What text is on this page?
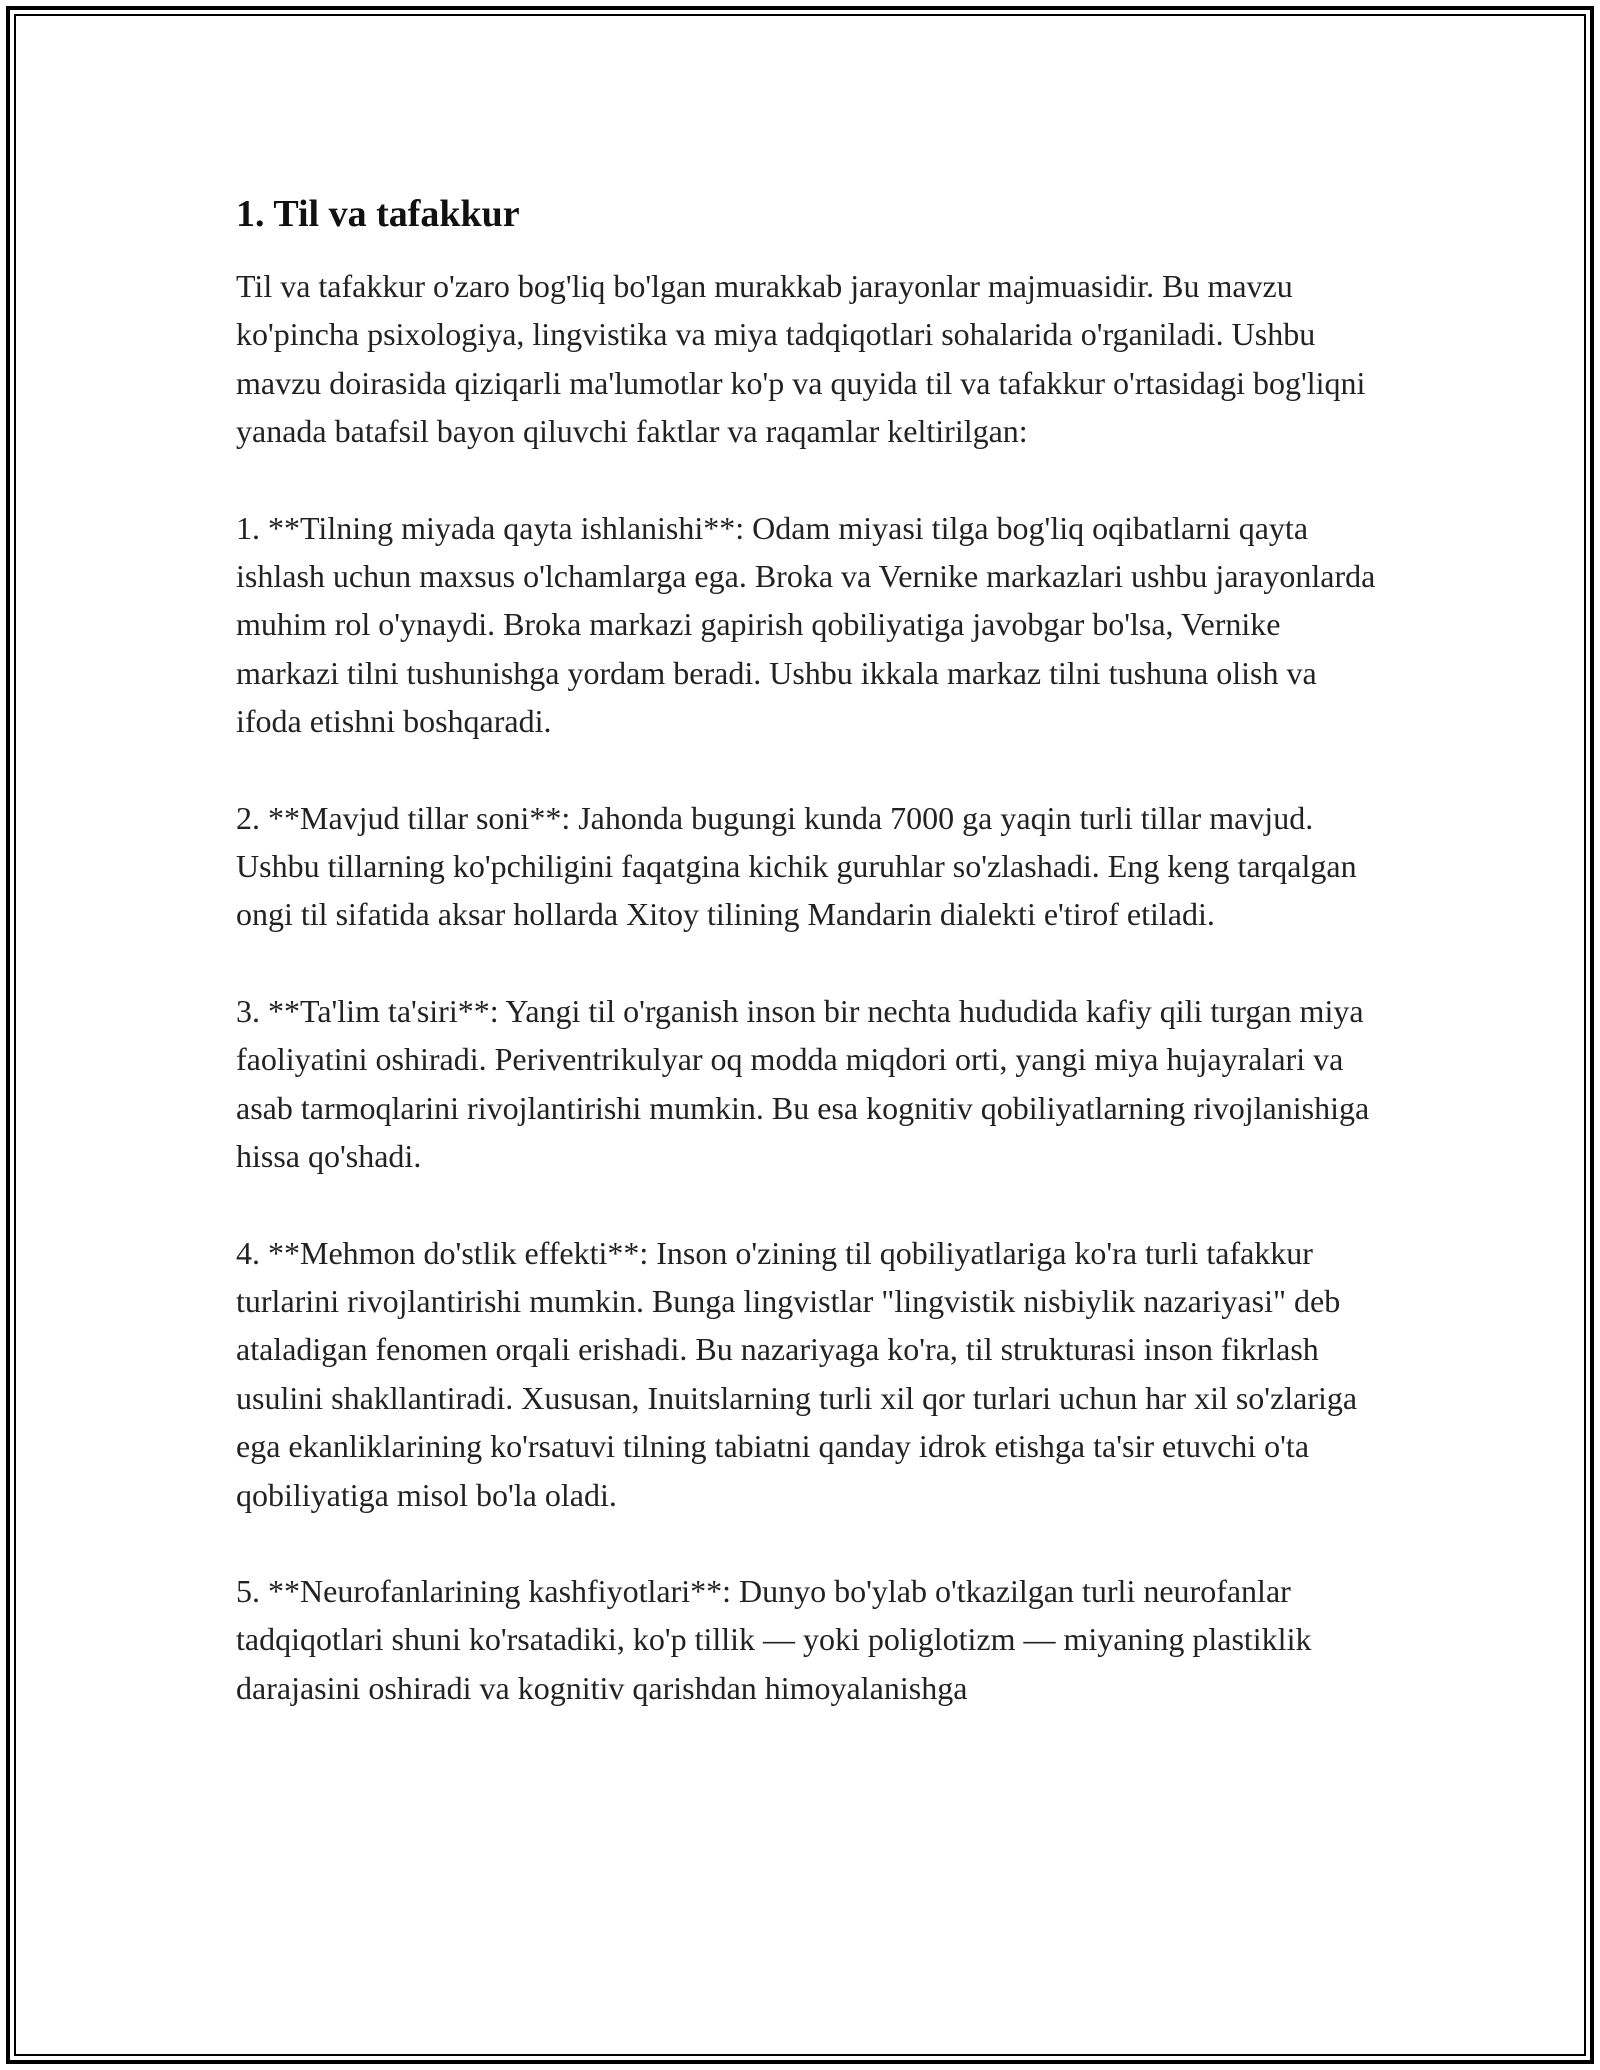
1. Til va tafakkur

Til va tafakkur o'zaro bog'liq bo'lgan murakkab jarayonlar majmuasidir. Bu mavzu ko'pincha psixologiya, lingvistika va miya tadqiqotlari sohalarida o'rganiladi. Ushbu mavzu doirasida qiziqarli ma'lumotlar ko'p va quyida til va tafakkur o'rtasidagi bog'liqni yanada batafsil bayon qiluvchi faktlar va raqamlar keltirilgan:

1. **Tilning miyada qayta ishlanishi**: Odam miyasi tilga bog'liq oqibatlarni qayta ishlash uchun maxsus o'lchamlarga ega. Broka va Vernike markazlari ushbu jarayonlarda muhim rol o'ynaydi. Broka markazi gapirish qobiliyatiga javobgar bo'lsa, Vernike markazi tilni tushunishga yordam beradi. Ushbu ikkala markaz tilni tushuna olish va ifoda etishni boshqaradi.

2. **Mavjud tillar soni**: Jahonda bugungi kunda 7000 ga yaqin turli tillar mavjud. Ushbu tillarning ko'pchiligini faqatgina kichik guruhlar so'zlashadi. Eng keng tarqalgan ongi til sifatida aksar hollarda Xitoy tilining Mandarin dialekti e'tirof etiladi.

3. **Ta'lim ta'siri**: Yangi til o'rganish inson bir nechta hududida kafiy qili turgan miya faoliyatini oshiradi. Periventrikulyar oq modda miqdori orti, yangi miya hujayralari va asab tarmoqlarini rivojlantirishi mumkin. Bu esa kognitiv qobiliyatlarning rivojlanishiga hissa qo'shadi.

4. **Mehmon do'stlik effekti**: Inson o'zining til qobiliyatlariga ko'ra turli tafakkur turlarini rivojlantirishi mumkin. Bunga lingvistlar "lingvistik nisbiylik nazariyasi" deb ataladigan fenomen orqali erishadi. Bu nazariyaga ko'ra, til strukturasi inson fikrlash usulini shakllantiradi. Xususan, Inuitslarning turli xil qor turlari uchun har xil so'zlariga ega ekanliklarining ko'rsatuvi tilning tabiatni qanday idrok etishga ta'sir etuvchi o'ta qobiliyatiga misol bo'la oladi.

5. **Neurofanlarining kashfiyotlari**: Dunyo bo'ylab o'tkazilgan turli neurofanlar tadqiqotlari shuni ko'rsatadiki, ko'p tillik — yoki poliglotizm — miyaning plastiklik darajasini oshiradi va kognitiv qarishdan himoyalanishga
